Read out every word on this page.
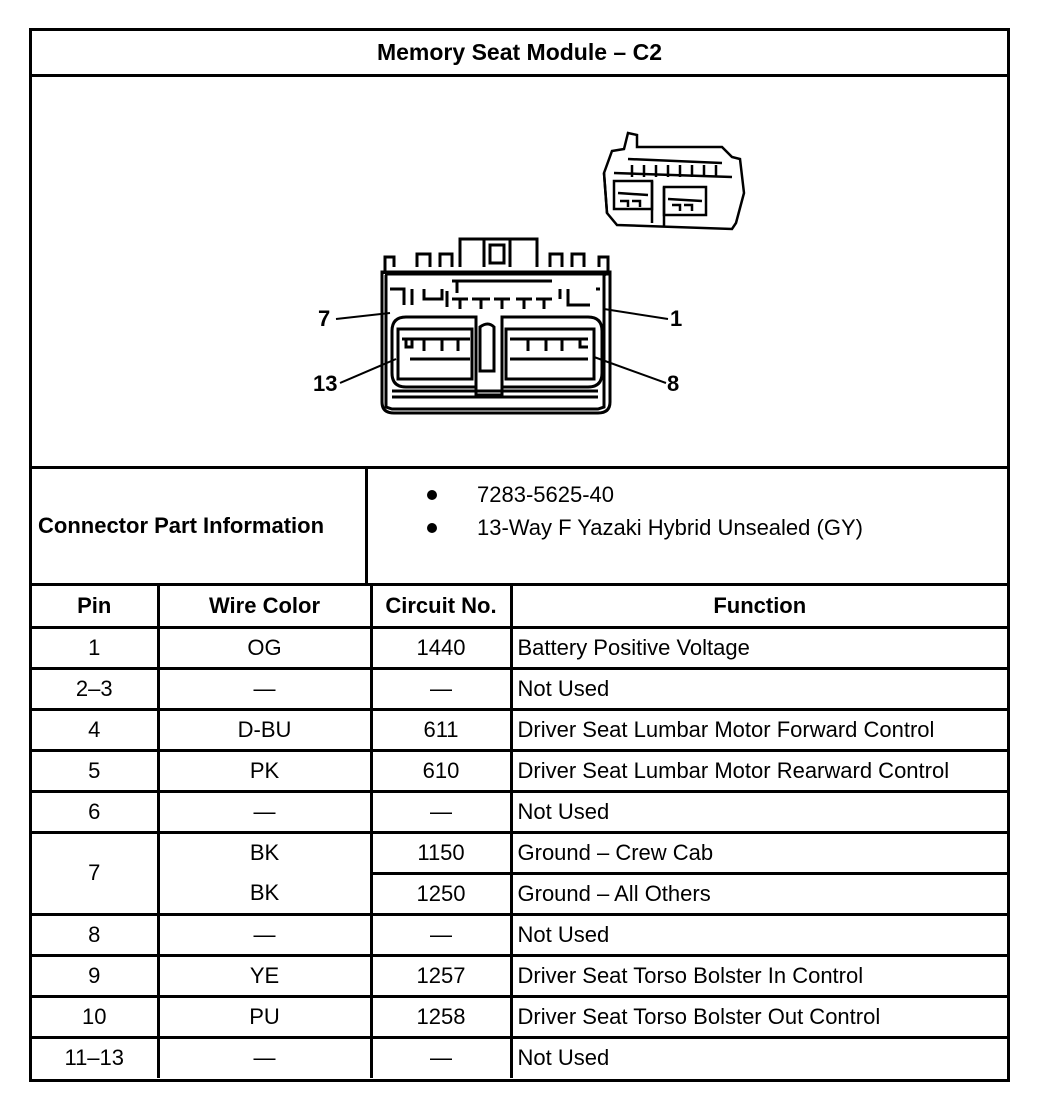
Memory Seat Module – C2
7	1
13	8
Connector Part Information
7283-5625-40
13-Way F Yazaki Hybrid Unsealed (GY)
Pin	Wire Color	Circuit No.	Function
1	OG	1440	Battery Positive Voltage
2–3	—	—	Not Used
4	D-BU	611	Driver Seat Lumbar Motor Forward Control
5	PK	610	Driver Seat Lumbar Motor Rearward Control
6	—	—	Not Used
7	BK	1150	Ground – Crew Cab
	BK	1250	Ground – All Others
8	—	—	Not Used
9	YE	1257	Driver Seat Torso Bolster In Control
10	PU	1258	Driver Seat Torso Bolster Out Control
11–13	—	—	Not Used
